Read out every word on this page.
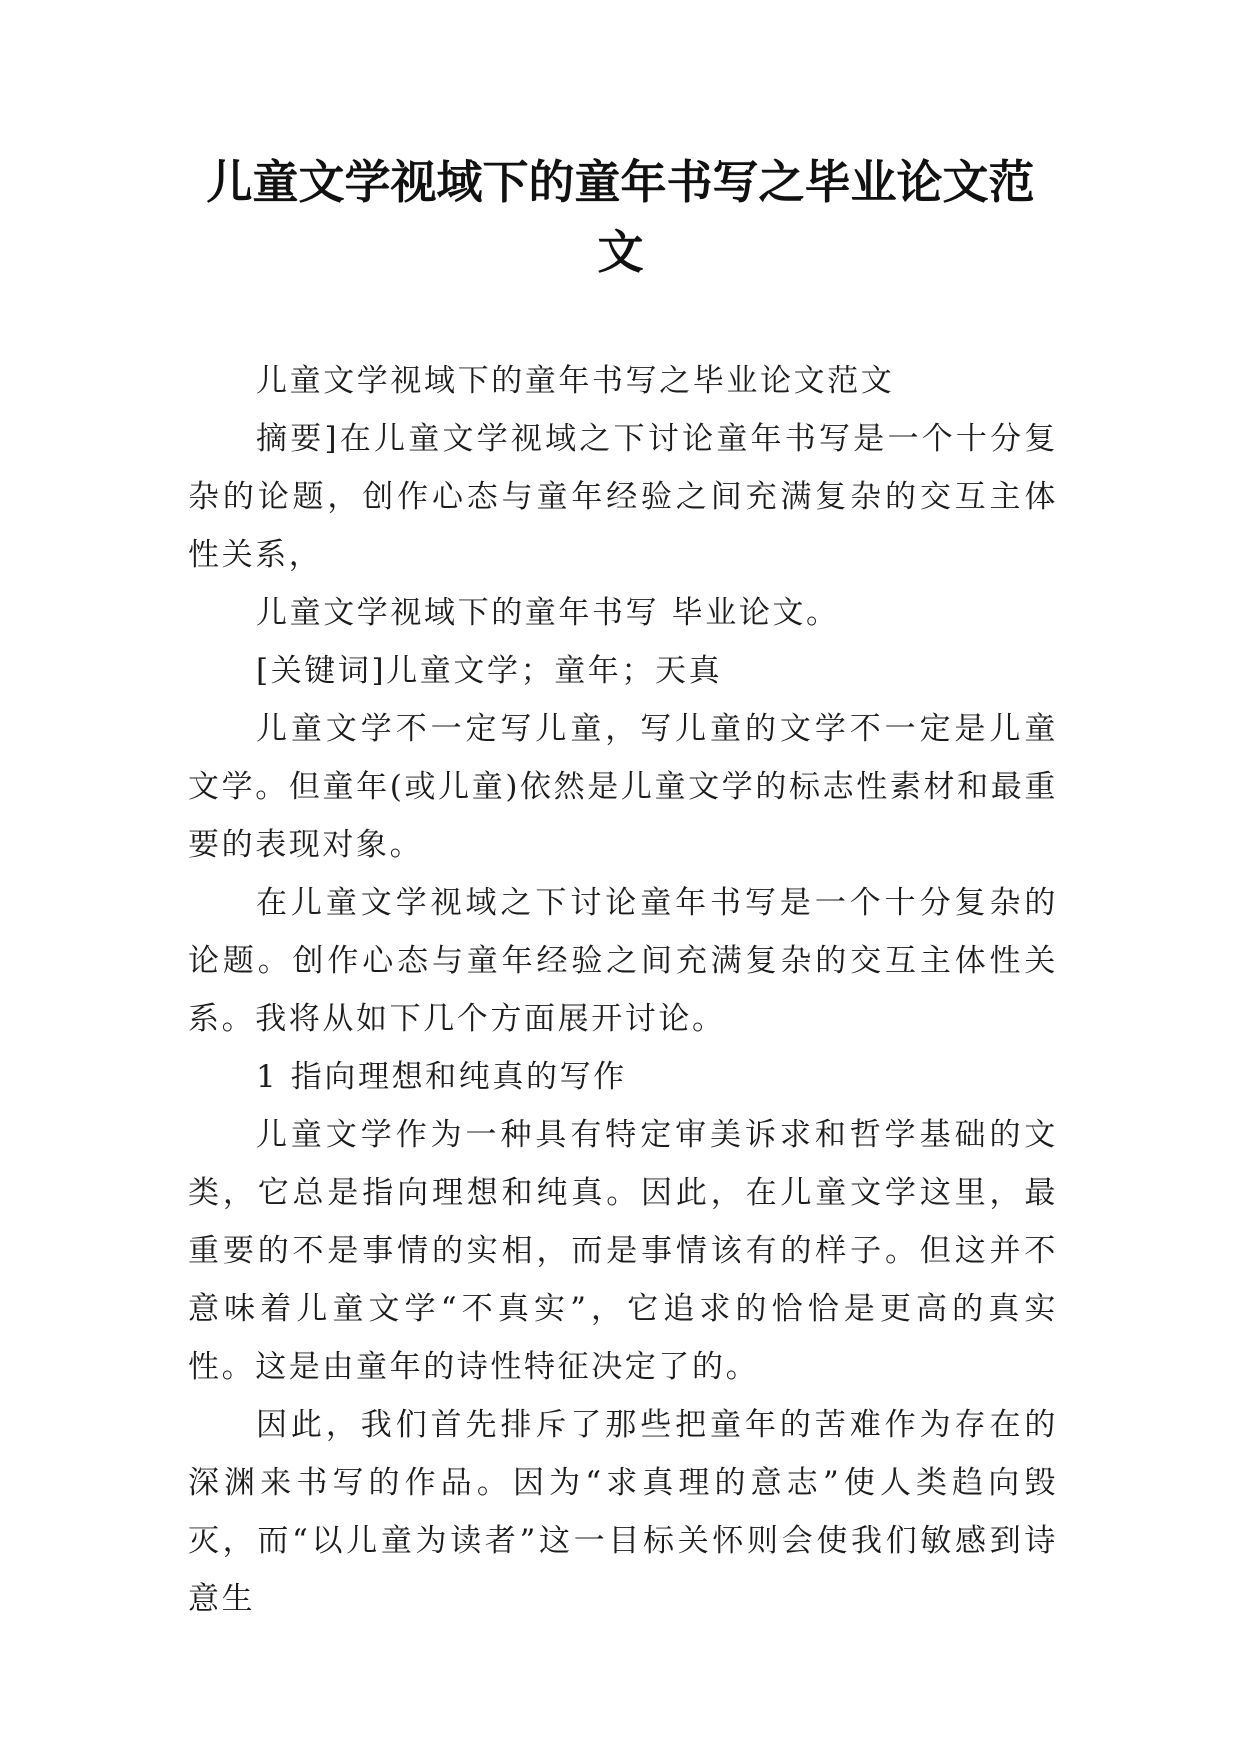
儿童文学视域下的童年书写之毕业论文范
文

儿童文学视域下的童年书写之毕业论文范文

摘要]在儿童文学视域之下讨论童年书写是一个十分复杂的论题，创作心态与童年经验之间充满复杂的交互主体性关系，

儿童文学视域下的童年书写 毕业论文。

[关键词]儿童文学；童年；天真

儿童文学不一定写儿童，写儿童的文学不一定是儿童文学。但童年(或儿童)依然是儿童文学的标志性素材和最重要的表现对象。

在儿童文学视域之下讨论童年书写是一个十分复杂的论题。创作心态与童年经验之间充满复杂的交互主体性关系。我将从如下几个方面展开讨论。

1 指向理想和纯真的写作

儿童文学作为一种具有特定审美诉求和哲学基础的文类，它总是指向理想和纯真。因此，在儿童文学这里，最重要的不是事情的实相，而是事情该有的样子。但这并不意味着儿童文学“不真实”，它追求的恰恰是更高的真实性。这是由童年的诗性特征决定了的。

因此，我们首先排斥了那些把童年的苦难作为存在的深渊来书写的作品。因为“求真理的意志”使人类趋向毁灭，而“以儿童为读者”这一目标关怀则会使我们敏感到诗意生
